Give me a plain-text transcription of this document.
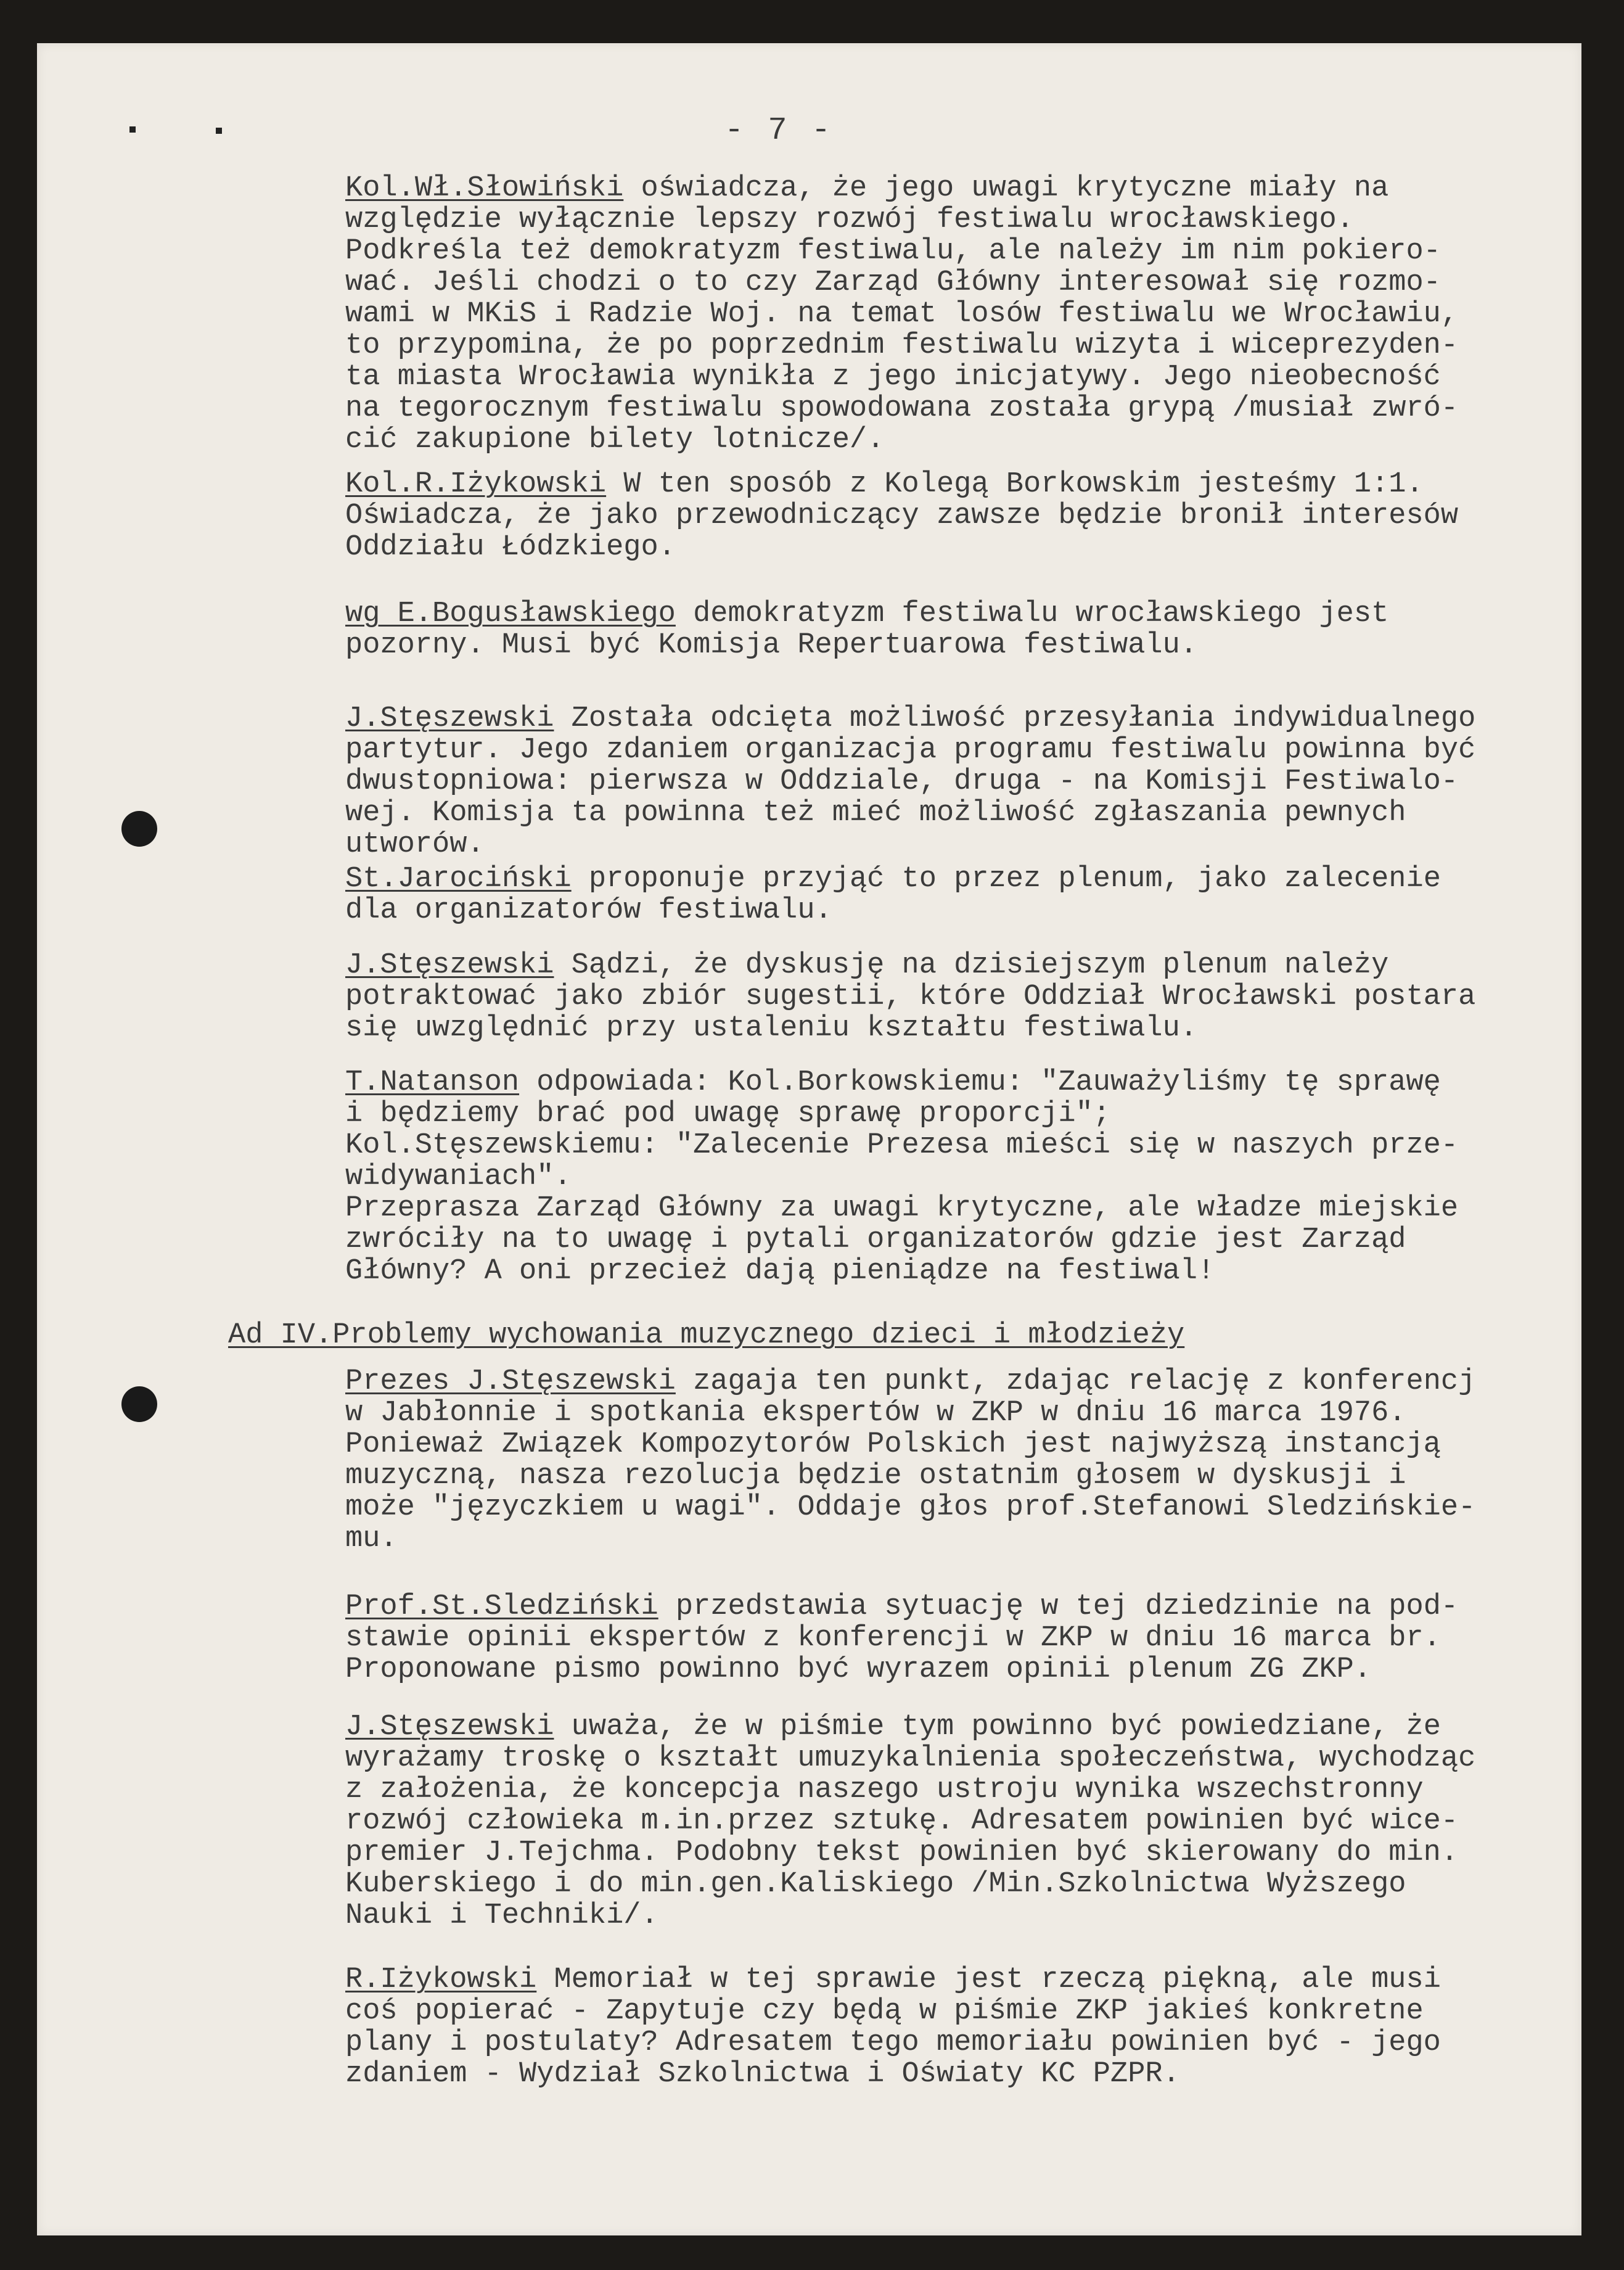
- 7 -
Kol.Wł.Słowiński oświadcza, że jego uwagi krytyczne miały na
względzie wyłącznie lepszy rozwój festiwalu wrocławskiego.
Podkreśla też demokratyzm festiwalu, ale należy im nim pokiero-
wać. Jeśli chodzi o to czy Zarząd Główny interesował się rozmo-
wami w MKiS i Radzie Woj. na temat losów festiwalu we Wrocławiu,
to przypomina, że po poprzednim festiwalu wizyta i wiceprezyden-
ta miasta Wrocławia wynikła z jego inicjatywy. Jego nieobecność
na tegorocznym festiwalu spowodowana została grypą /musiał zwró-
cić zakupione bilety lotnicze/.
Kol.R.Iżykowski W ten sposób z Kolegą Borkowskim jesteśmy 1:1.
Oświadcza, że jako przewodniczący zawsze będzie bronił interesów
Oddziału Łódzkiego.
wg E.Bogusławskiego demokratyzm festiwalu wrocławskiego jest
pozorny. Musi być Komisja Repertuarowa festiwalu.
J.Stęszewski Została odcięta możliwość przesyłania indywidualnego
partytur. Jego zdaniem organizacja programu festiwalu powinna być
dwustopniowa: pierwsza w Oddziale, druga - na Komisji Festiwalo-
wej. Komisja ta powinna też mieć możliwość zgłaszania pewnych
utworów.
St.Jarociński proponuje przyjąć to przez plenum, jako zalecenie
dla organizatorów festiwalu.
J.Stęszewski Sądzi, że dyskusję na dzisiejszym plenum należy
potraktować jako zbiór sugestii, które Oddział Wrocławski postara
się uwzględnić przy ustaleniu kształtu festiwalu.
T.Natanson odpowiada: Kol.Borkowskiemu: "Zauważyliśmy tę sprawę
i będziemy brać pod uwagę sprawę proporcji";
Kol.Stęszewskiemu: "Zalecenie Prezesa mieści się w naszych prze-
widywaniach".
Przeprasza Zarząd Główny za uwagi krytyczne, ale władze miejskie
zwróciły na to uwagę i pytali organizatorów gdzie jest Zarząd
Główny? A oni przecież dają pieniądze na festiwal!
Prezes J.Stęszewski zagaja ten punkt, zdając relację z konferencj
w Jabłonnie i spotkania ekspertów w ZKP w dniu 16 marca 1976.
Ponieważ Związek Kompozytorów Polskich jest najwyższą instancją
muzyczną, nasza rezolucja będzie ostatnim głosem w dyskusji i
może "języczkiem u wagi". Oddaje głos prof.Stefanowi Sledzińskie-
mu.
Prof.St.Sledziński przedstawia sytuację w tej dziedzinie na pod-
stawie opinii ekspertów z konferencji w ZKP w dniu 16 marca br.
Proponowane pismo powinno być wyrazem opinii plenum ZG ZKP.
J.Stęszewski uważa, że w piśmie tym powinno być powiedziane, że
wyrażamy troskę o kształt umuzykalnienia społeczeństwa, wychodząc
z założenia, że koncepcja naszego ustroju wynika wszechstronny
rozwój człowieka m.in.przez sztukę. Adresatem powinien być wice-
premier J.Tejchma. Podobny tekst powinien być skierowany do min.
Kuberskiego i do min.gen.Kaliskiego /Min.Szkolnictwa Wyższego
Nauki i Techniki/.
R.Iżykowski Memoriał w tej sprawie jest rzeczą piękną, ale musi
coś popierać - Zapytuje czy będą w piśmie ZKP jakieś konkretne
plany i postulaty? Adresatem tego memoriału powinien być - jego
zdaniem - Wydział Szkolnictwa i Oświaty KC PZPR.
Ad IV.Problemy wychowania muzycznego dzieci i młodzieży
